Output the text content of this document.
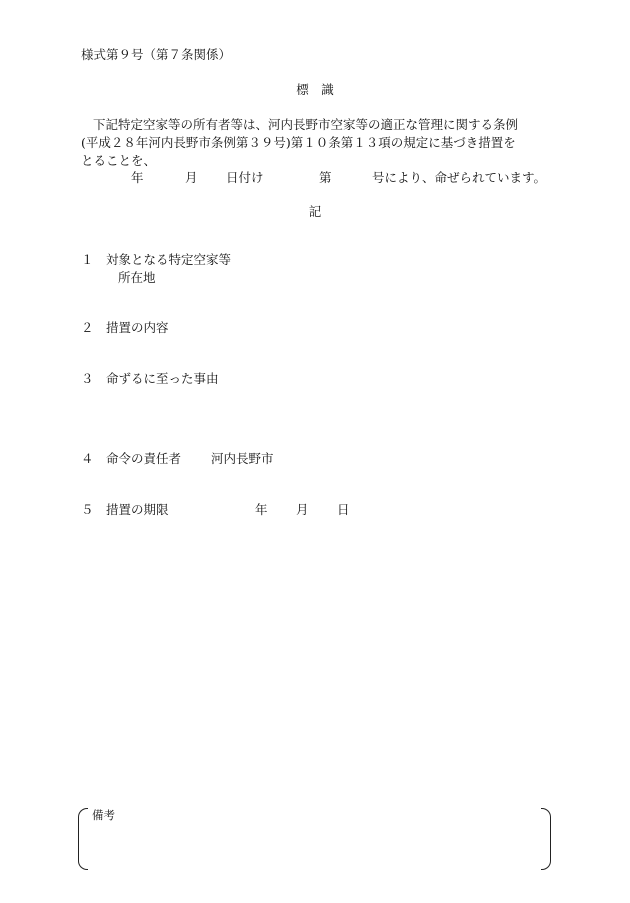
様式第９号（第７条関係）
標　識
下記特定空家等の所有者等は、河内長野市空家等の適正な管理に関する条例
(平成２８年河内長野市条例第３９号)第１０条第１３項の規定に基づき措置を
とることを、
年	月 日付け	第	号により、命ぜられています。
記
１ 対象となる特定空家等
所在地
２ 措置の内容
３ 命ずるに至った事由
４ 命令の責任者 河内長野市
５ 措置の期限	年 月 日
備考
